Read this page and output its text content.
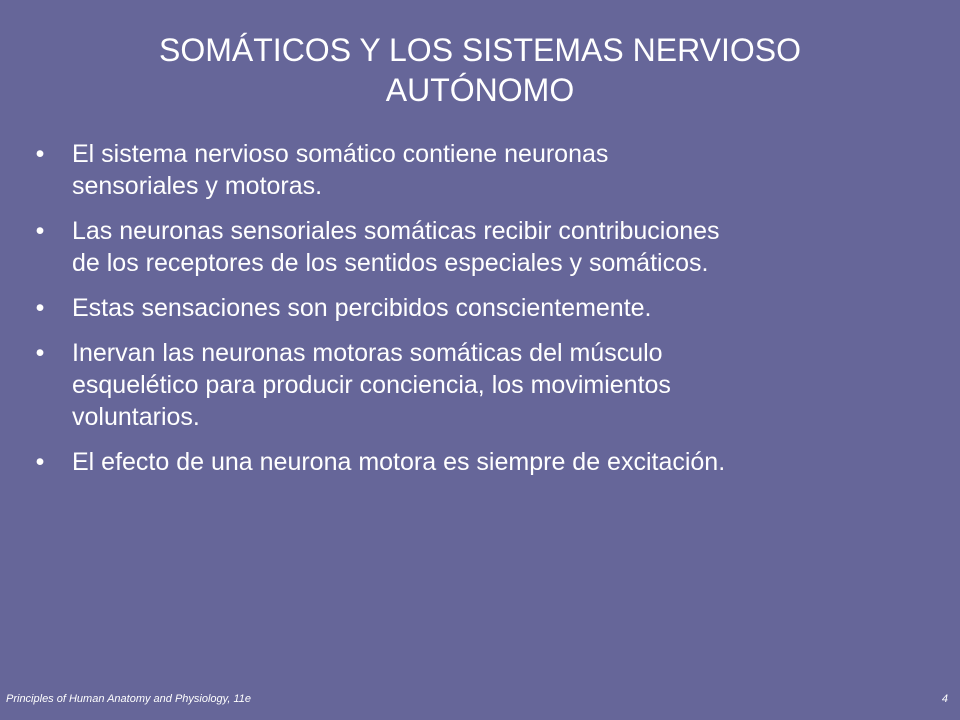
SOMÁTICOS Y LOS SISTEMAS NERVIOSO
AUTÓNOMO
• El sistema nervioso somático contiene neuronas
sensoriales y motoras.
• Las neuronas sensoriales somáticas recibir contribuciones
de los receptores de los sentidos especiales y somáticos.
• Estas sensaciones son percibidos conscientemente.
• Inervan las neuronas motoras somáticas del músculo
esquelético para producir conciencia, los movimientos
voluntarios.
• El efecto de una neurona motora es siempre de excitación.
Principles of Human Anatomy and Physiology, 11e	4
